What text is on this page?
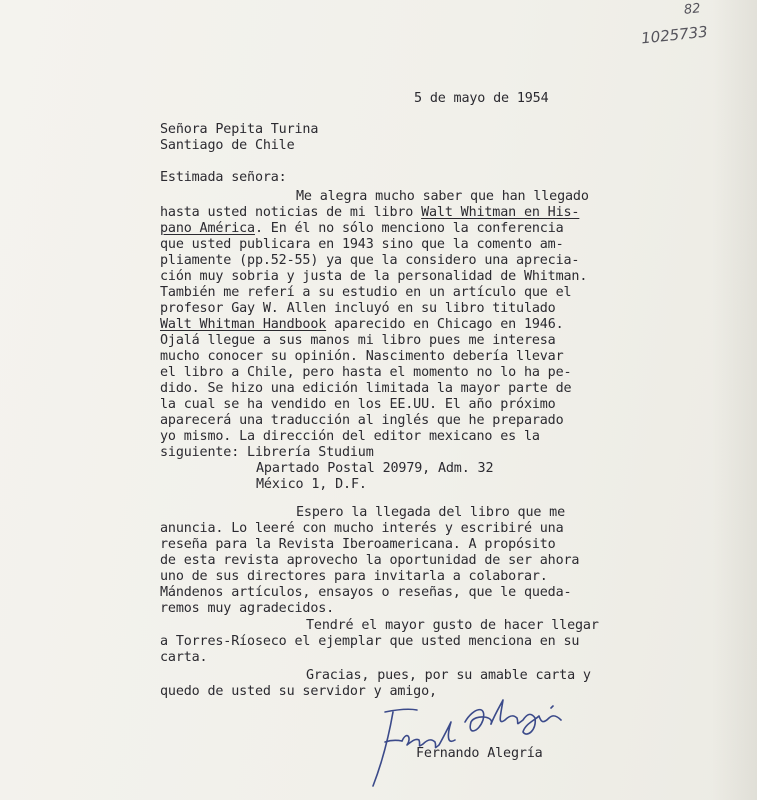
82
1025733
5 de mayo de 1954
Señora Pepita Turina
Santiago de Chile
Estimada señora:
Me alegra mucho saber que han llegado
hasta usted noticias de mi libro Walt Whitman en His-
pano América. En él no sólo menciono la conferencia
que usted publicara en 1943 sino que la comento am-
pliamente (pp.52-55) ya que la considero una aprecia-
ción muy sobria y justa de la personalidad de Whitman.
También me referí a su estudio en un artículo que el
profesor Gay W. Allen incluyó en su libro titulado
Walt Whitman Handbook aparecido en Chicago en 1946.
Ojalá llegue a sus manos mi libro pues me interesa
mucho conocer su opinión. Nascimento debería llevar
el libro a Chile, pero hasta el momento no lo ha pe-
dido. Se hizo una edición limitada la mayor parte de
la cual se ha vendido en los EE.UU. El año próximo
aparecerá una traducción al inglés que he preparado
yo mismo. La dirección del editor mexicano es la
siguiente: Librería Studium
Apartado Postal 20979, Adm. 32
México 1, D.F.
Espero la llegada del libro que me
anuncia. Lo leeré con mucho interés y escribiré una
reseña para la Revista Iberoamericana. A propósito
de esta revista aprovecho la oportunidad de ser ahora
uno de sus directores para invitarla a colaborar.
Mándenos artículos, ensayos o reseñas, que le queda-
remos muy agradecidos.
Tendré el mayor gusto de hacer llegar
a Torres-Ríoseco el ejemplar que usted menciona en su
carta.
Gracias, pues, por su amable carta y
quedo de usted su servidor y amigo,
Fernando Alegría
